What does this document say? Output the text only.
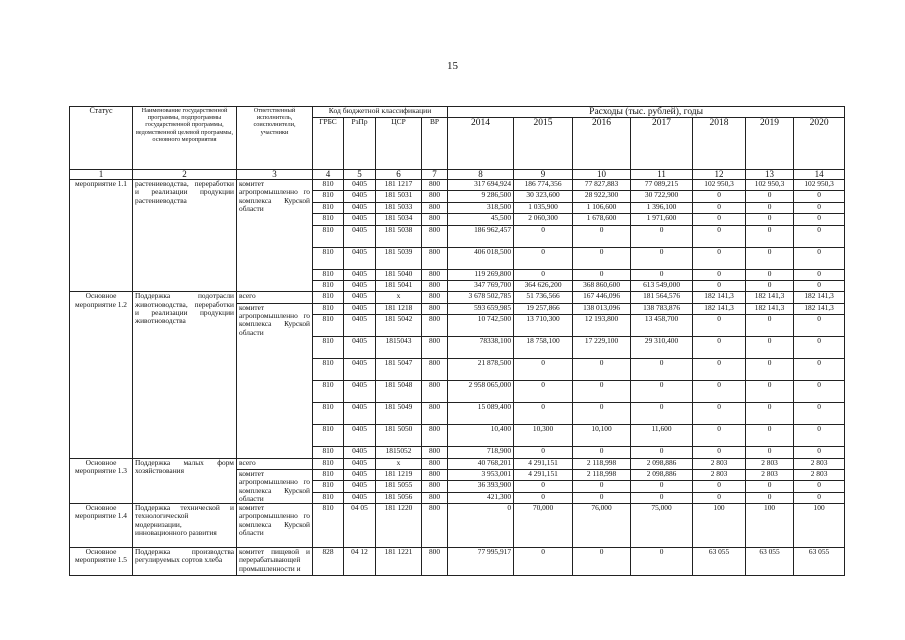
15
Статус	Наименование государственной программы, подпрограммы государственной программы, ведомственной целевой программы, основного мероприятия	Ответственный исполнитель, соисполнители, участники	Код бюджетной классификации				Расходы (тыс. рублей), годы						
			ГРБС	РзПр	ЦСР	ВР	2014	2015	2016	2017	2018	2019	2020
1	2	3	4	5	6	7	8	9	10	11	12	13	14
мероприятие 1.1	растениеводства, переработки и реализации продукции растениеводства	комитет агропромышленно го комплекса Курской области	810	0405	181 1217	800	317 694,924	186 774,356	77 827,883	77 089,215	102 950,3	102 950,3	102 950,3
			810	0405	181 5031	800	9 286,500	30 323,600	28 922,300	30 722,900	0	0	0
			810	0405	181 5033	800	318,500	1 035,900	1 106,600	1 396,100	0	0	0
			810	0405	181 5034	800	45,500	2 060,300	1 678,600	1 971,600	0	0	0
			810	0405	181 5038	800	186 962,457	0	0	0	0	0	0
			810	0405	181 5039	800	406 018,500	0	0	0	0	0	0
			810	0405	181 5040	800	119 269,800	0	0	0	0	0	0
			810	0405	181 5041	800	347 769,700	364 626,200	368 860,600	613 549,000	0	0	0
Основное мероприятие 1.2	Поддержка подотрасли животноводства, переработки и реализации продукции животноводства	всего	810	0405	х	800	3 678 502,785	51 736,566	167 446,096	181 564,576	182 141,3	182 141,3	182 141,3
		комитет агропромышленно го комплекса Курской области	810	0405	181 1218	800	593 659,985	19 257,866	138 013,096	138 783,876	182 141,3	182 141,3	182 141,3
			810	0405	181 5042	800	10 742,500	13 710,300	12 193,800	13 458,700	0	0	0
			810	0405	1815043	800	78338,100	18 758,100	17 229,100	29 310,400	0	0	0
			810	0405	181 5047	800	21 878,500	0	0	0	0	0	0
			810	0405	181 5048	800	2 958 065,000	0	0	0	0	0	0
			810	0405	181 5049	800	15 089,400	0	0	0	0	0	0
			810	0405	181 5050	800	10,400	10,300	10,100	11,600	0	0	0
			810	0405	1815052	800	718,900	0	0	0	0	0	0
Основное мероприятие 1.3	Поддержка малых форм хозяйствования	всего	810	0405	х	800	40 768,201	4 291,151	2 118,998	2 098,886	2 803	2 803	2 803
		комитет агропромышленно го комплекса Курской области	810	0405	181 1219	800	3 953,001	4 291,151	2 118,998	2 098,886	2 803	2 803	2 803
			810	0405	181 5055	800	36 393,900	0	0	0	0	0	0
			810	0405	181 5056	800	421,300	0	0	0	0	0	0
Основное мероприятие 1.4	Поддержка технической и технологической модернизации, инновационного развития	комитет агропромышленно го комплекса Курской области	810	04 05	181 1220	800	0	70,000	76,000	75,000	100	100	100
Основное мероприятие 1.5	Поддержка производства регулируемых сортов хлеба	комитет пищевой и перерабатывающей промышленности и	828	04 12	181 1221	800	77 995,917	0	0	0	63 055	63 055	63 055
